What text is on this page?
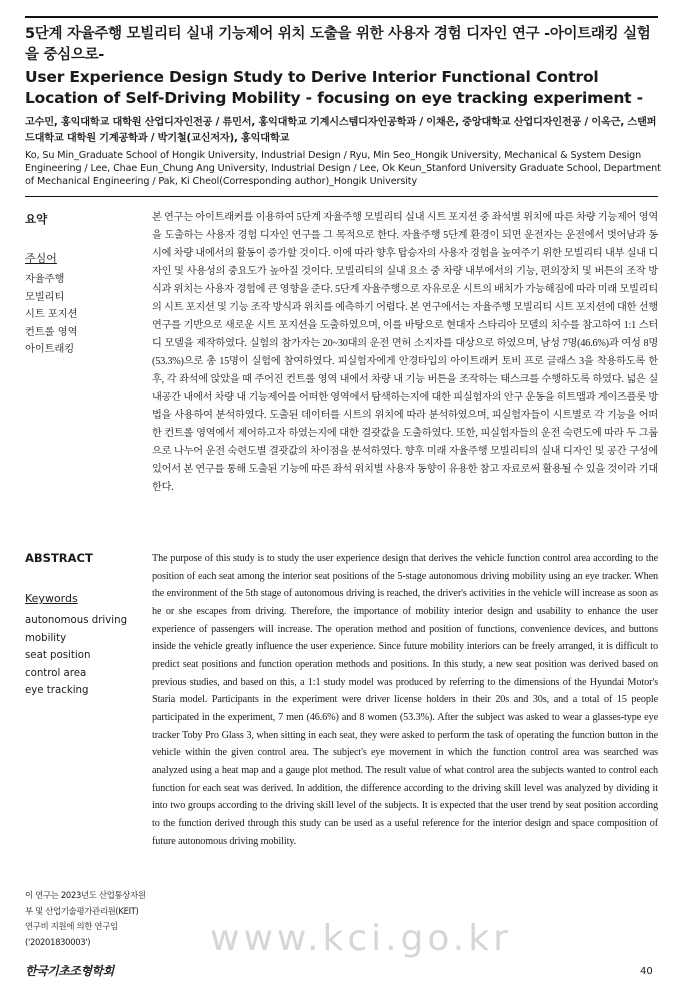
5단계 자율주행 모빌리티 실내 기능제어 위치 도출을 위한 사용자 경험 디자인 연구 -아이트래킹 실험을 중심으로-
User Experience Design Study to Derive Interior Functional Control Location of Self-Driving Mobility - focusing on eye tracking experiment -
고수민, 홍익대학교 대학원 산업디자인전공 / 류민서, 홍익대학교 기계시스템디자인공학과 / 이채은, 중앙대학교 산업디자인전공 / 이옥근, 스탠퍼드대학교 대학원 기계공학과 / 박기철(교신저자), 홍익대학교
Ko, Su Min_Graduate School of Hongik University, Industrial Design / Ryu, Min Seo_Hongik University, Mechanical & System Design Engineering / Lee, Chae Eun_Chung Ang University, Industrial Design / Lee, Ok Keun_Stanford University Graduate School, Department of Mechanical Engineering / Pak, Ki Cheol(Corresponding author)_Hongik University
요약
주심어
자율주행
모빌리티
시트 포지션
컨트롤 영역
아이트래킹
본 연구는 아이트래커를 이용하여 5단계 자율주행 모빌리티 실내 시트 포지션 중 좌석별 위치에 따른 차량 기능제어 영역을 도출하는 사용자 경험 디자인 연구를 그 목적으로 한다. 자율주행 5단계 환경이 되면 운전자는 운전에서 벗어남과 동시에 차량 내에서의 활동이 증가할 것이다. 이에 따라 향후 탑승자의 사용자 경험을 높여주기 위한 모빌리티 내부 실내 디자인 및 사용성의 중요도가 높아질 것이다. 모빌리티의 실내 요소 중 차량 내부에서의 기능, 편의장치 및 버튼의 조작 방식과 위치는 사용자 경험에 큰 영향을 준다. 5단계 자율주행으로 자유로운 시트의 배치가 가능해짐에 따라 미래 모빌리티의 시트 포지션 및 기능 조작 방식과 위치를 예측하기 어렵다. 본 연구에서는 자율주행 모빌리티 시트 포지션에 대한 선행연구를 기반으로 새로운 시트 포지션을 도출하였으며, 이를 바탕으로 현대자 스타리아 모델의 치수를 참고하여 1:1 스터디 모델을 제작하였다. 실험의 참가자는 20~30대의 운전 면허 소지자를 대상으로 하였으며, 남성 7명(46.6%)과 여성 8명(53.3%)으로 총 15명이 실험에 참여하였다. 피실험자에게 안경타입의 아이트래커 토비 프로 글래스 3을 착용하도록 한 후, 각 좌석에 앉았을 때 주어진 컨트롤 영역 내에서 차량 내 기능 버튼을 조작하는 태스크를 수행하도록 하였다. 넓은 실내공간 내에서 차량 내 기능제어를 어떠한 영역에서 탐색하는지에 대한 피실험자의 안구 운동을 히트맵과 게이즈플롯 방법을 사용하여 분석하였다. 도출된 데이터를 시트의 위치에 따라 분석하였으며, 피실험자들이 시트별로 각 기능을 어떠한 컨트롤 영역에서 제어하고자 하였는지에 대한 결괏값을 도출하였다. 또한, 피실험자들의 운전 숙련도에 따라 두 그룹으로 나누어 운전 숙련도별 결괏값의 차이점을 분석하였다. 향후 미래 자율주행 모빌리티의 실내 디자인 및 공간 구성에 있어서 본 연구를 통해 도출된 기능에 따른 좌석 위치별 사용자 동향이 유용한 참고 자료로써 활용될 수 있을 것이라 기대한다.
ABSTRACT
Keywords
autonomous driving
mobility
seat position
control area
eye tracking
The purpose of this study is to study the user experience design that derives the vehicle function control area according to the position of each seat among the interior seat positions of the 5-stage autonomous driving mobility using an eye tracker. When the environment of the 5th stage of autonomous driving is reached, the driver's activities in the vehicle will increase as soon as he or she escapes from driving. Therefore, the importance of mobility interior design and usability to enhance the user experience of passengers will increase. The operation method and position of functions, convenience devices, and buttons inside the vehicle greatly influence the user experience. Since future mobility interiors can be freely arranged, it is difficult to predict seat positions and function operation methods and positions. In this study, a new seat position was derived based on previous studies, and based on this, a 1:1 study model was produced by referring to the dimensions of the Hyundai Motor's Staria model. Participants in the experiment were driver license holders in their 20s and 30s, and a total of 15 people participated in the experiment, 7 men (46.6%) and 8 women (53.3%). After the subject was asked to wear a glasses-type eye tracker Toby Pro Glass 3, when sitting in each seat, they were asked to perform the task of operating the function button in the vehicle within the given control area. The subject's eye movement in which the function control area was searched was analyzed using a heat map and a gauge plot method. The result value of what control area the subjects wanted to control each function for each seat was derived. In addition, the difference according to the driving skill level was analyzed by dividing it into two groups according to the driving skill level of the subjects. It is expected that the user trend by seat position according to the function derived through this study can be used as a useful reference for the interior design and space composition of future autonomous driving mobility.
이 연구는 2023년도 산업통상자원부 및 산업기술평가관리원(KEIT) 연구비 지원에 의한 연구임('20201830003')	www.kci.go.kr
한국기초조형학회	40
